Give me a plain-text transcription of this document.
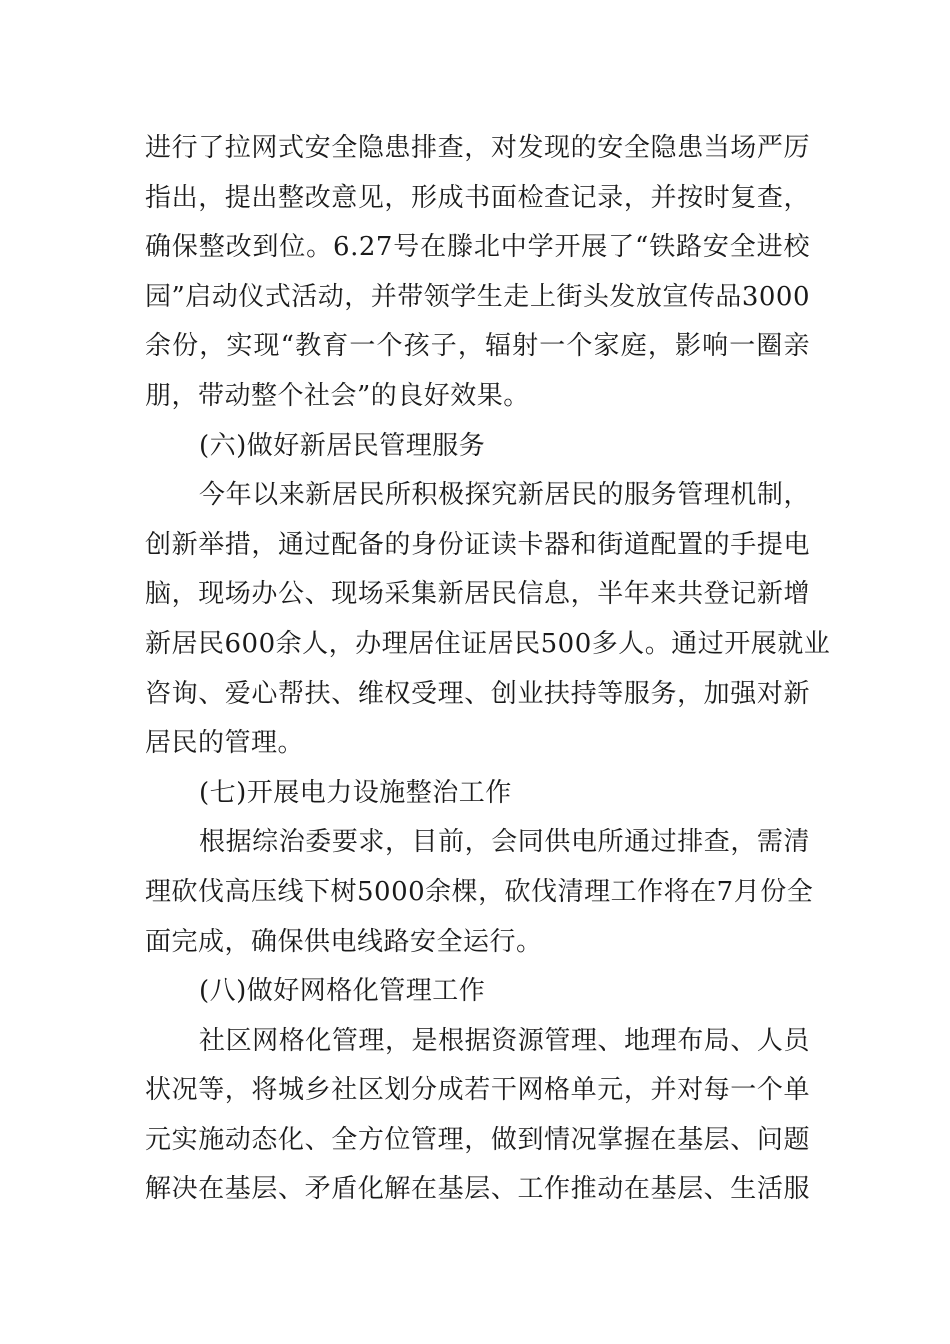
进行了拉网式安全隐患排查，对发现的安全隐患当场严厉
指出，提出整改意见，形成书面检查记录，并按时复查，
确保整改到位。6.27号在滕北中学开展了“铁路安全进校
园”启动仪式活动，并带领学生走上街头发放宣传品3000
余份，实现“教育一个孩子，辐射一个家庭，影响一圈亲
朋，带动整个社会”的良好效果。
(六)做好新居民管理服务
今年以来新居民所积极探究新居民的服务管理机制，
创新举措，通过配备的身份证读卡器和街道配置的手提电
脑，现场办公、现场采集新居民信息，半年来共登记新增
新居民600余人，办理居住证居民500多人。通过开展就业
咨询、爱心帮扶、维权受理、创业扶持等服务，加强对新
居民的管理。
(七)开展电力设施整治工作
根据综治委要求，目前，会同供电所通过排查，需清
理砍伐高压线下树5000余棵，砍伐清理工作将在7月份全
面完成，确保供电线路安全运行。
(八)做好网格化管理工作
社区网格化管理，是根据资源管理、地理布局、人员
状况等，将城乡社区划分成若干网格单元，并对每一个单
元实施动态化、全方位管理，做到情况掌握在基层、问题
解决在基层、矛盾化解在基层、工作推动在基层、生活服
